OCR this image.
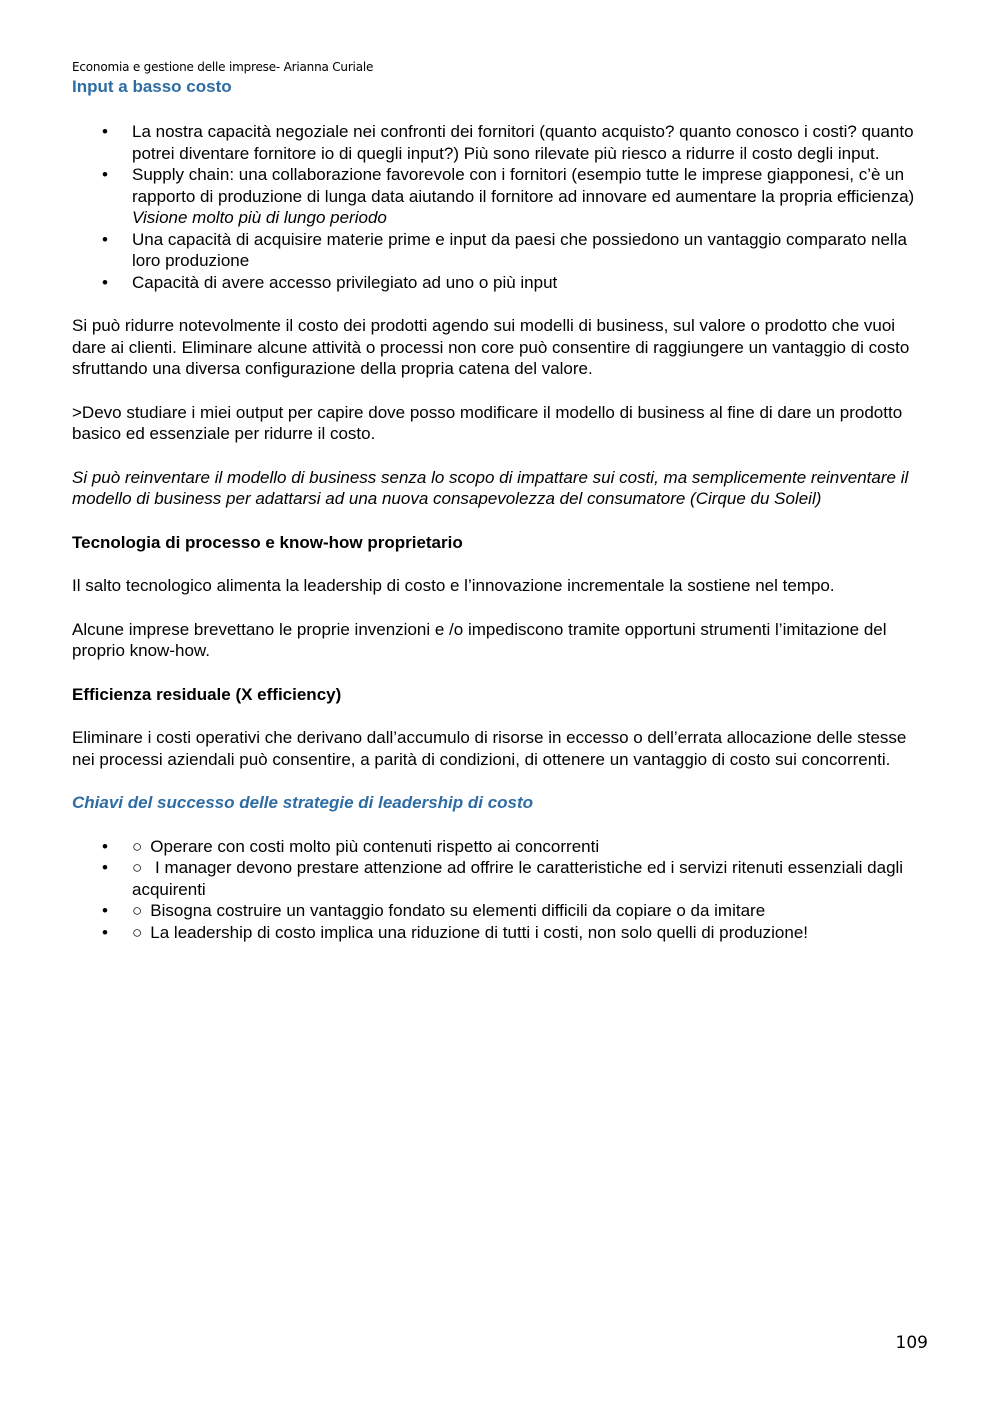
Economia e gestione delle imprese- Arianna Curiale
Input a basso costo
• La nostra capacità negoziale nei confronti dei fornitori (quanto acquisto? quanto conosco i costi? quanto potrei diventare fornitore io di quegli input?) Più sono rilevate più riesco a ridurre il costo degli input.
• Supply chain: una collaborazione favorevole con i fornitori (esempio tutte le imprese giapponesi, c’è un rapporto di produzione di lunga data aiutando il fornitore ad innovare ed aumentare la propria efficienza) Visione molto più di lungo periodo
• Una capacità di acquisire materie prime e input da paesi che possiedono un vantaggio comparato nella loro produzione
• Capacità di avere accesso privilegiato ad uno o più input

Si può ridurre notevolmente il costo dei prodotti agendo sui modelli di business, sul valore o prodotto che vuoi dare ai clienti. Eliminare alcune attività o processi non core può consentire di raggiungere un vantaggio di costo sfruttando una diversa configurazione della propria catena del valore.

>Devo studiare i miei output per capire dove posso modificare il modello di business al fine di dare un prodotto basico ed essenziale per ridurre il costo.

Si può reinventare il modello di business senza lo scopo di impattare sui costi, ma semplicemente reinventare il modello di business per adattarsi ad una nuova consapevolezza del consumatore (Cirque du Soleil)

Tecnologia di processo e know-how proprietario

Il salto tecnologico alimenta la leadership di costo e l’innovazione incrementale la sostiene nel tempo.

Alcune imprese brevettano le proprie invenzioni e /o impediscono tramite opportuni strumenti l’imitazione del proprio know-how.

Efficienza residuale (X efficiency)

Eliminare i costi operativi che derivano dall’accumulo di risorse in eccesso o dell’errata allocazione delle stesse nei processi aziendali può consentire, a parità di condizioni, di ottenere un vantaggio di costo sui concorrenti.

Chiavi del successo delle strategie di leadership di costo

• ○ Operare con costi molto più contenuti rispetto ai concorrenti
• ○ I manager devono prestare attenzione ad offrire le caratteristiche ed i servizi ritenuti essenziali dagli acquirenti
• ○ Bisogna costruire un vantaggio fondato su elementi difficili da copiare o da imitare
• ○ La leadership di costo implica una riduzione di tutti i costi, non solo quelli di produzione!
109
